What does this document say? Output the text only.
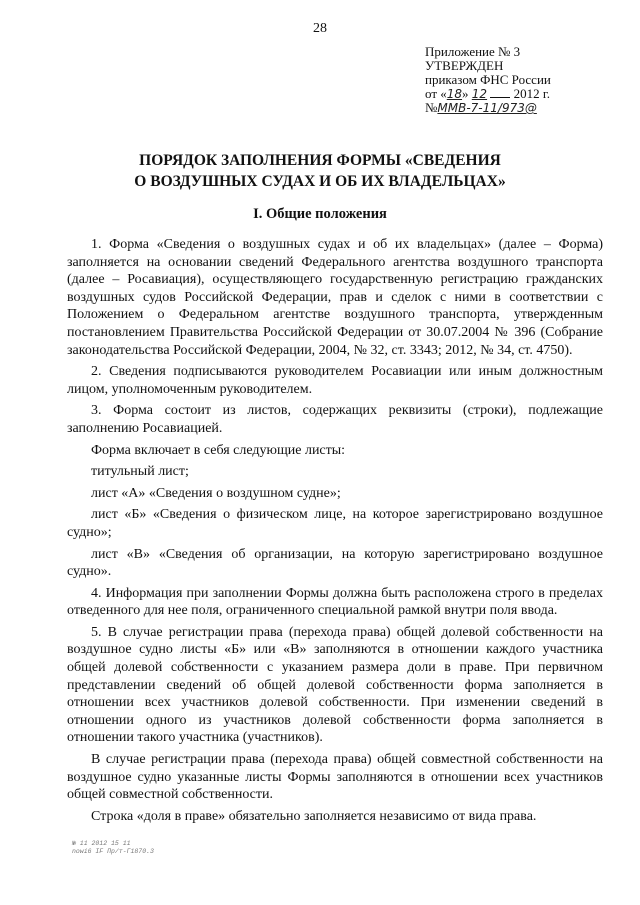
28
Приложение № 3
УТВЕРЖДЕН
приказом ФНС России
от «18» 12 2012 г.
№ММВ-7-11/973@
ПОРЯДОК ЗАПОЛНЕНИЯ ФОРМЫ «СВЕДЕНИЯ
О ВОЗДУШНЫХ СУДАХ И ОБ ИХ ВЛАДЕЛЬЦАХ»
I. Общие положения

1. Форма «Сведения о воздушных судах и об их владельцах» (далее – Форма) заполняется на основании сведений Федерального агентства воздушного транспорта (далее – Росавиация), осуществляющего государственную регистрацию гражданских воздушных судов Российской Федерации, прав и сделок с ними в соответствии с Положением о Федеральном агентстве воздушного транспорта, утвержденным постановлением Правительства Российской Федерации от 30.07.2004 № 396 (Собрание законодательства Российской Федерации, 2004, № 32, ст. 3343; 2012, № 34, ст. 4750).

2. Сведения подписываются руководителем Росавиации или иным должностным лицом, уполномоченным руководителем.

3. Форма состоит из листов, содержащих реквизиты (строки), подлежащие заполнению Росавиацией.

Форма включает в себя следующие листы:

титульный лист;

лист «А» «Сведения о воздушном судне»;

лист «Б» «Сведения о физическом лице, на которое зарегистрировано воздушное судно»;

лист «В» «Сведения об организации, на которую зарегистрировано воздушное судно».

4. Информация при заполнении Формы должна быть расположена строго в пределах отведенного для нее поля, ограниченного специальной рамкой внутри поля ввода.

5. В случае регистрации права (перехода права) общей долевой собственности на воздушное судно листы «Б» или «В» заполняются в отношении каждого участника общей долевой собственности с указанием размера доли в праве. При первичном представлении сведений об общей долевой собственности форма заполняется в отношении всех участников долевой собственности. При изменении сведений в отношении одного из участников долевой собственности форма заполняется в отношении такого участника (участников).

В случае регистрации права (перехода права) общей совместной собственности на воздушное судно указанные листы Формы заполняются в отношении всех участников общей совместной собственности.

Строка «доля в праве» обязательно заполняется независимо от вида права.

№ 11 2012 15 11
nowi6 IF Пр/т-Г1870.3
